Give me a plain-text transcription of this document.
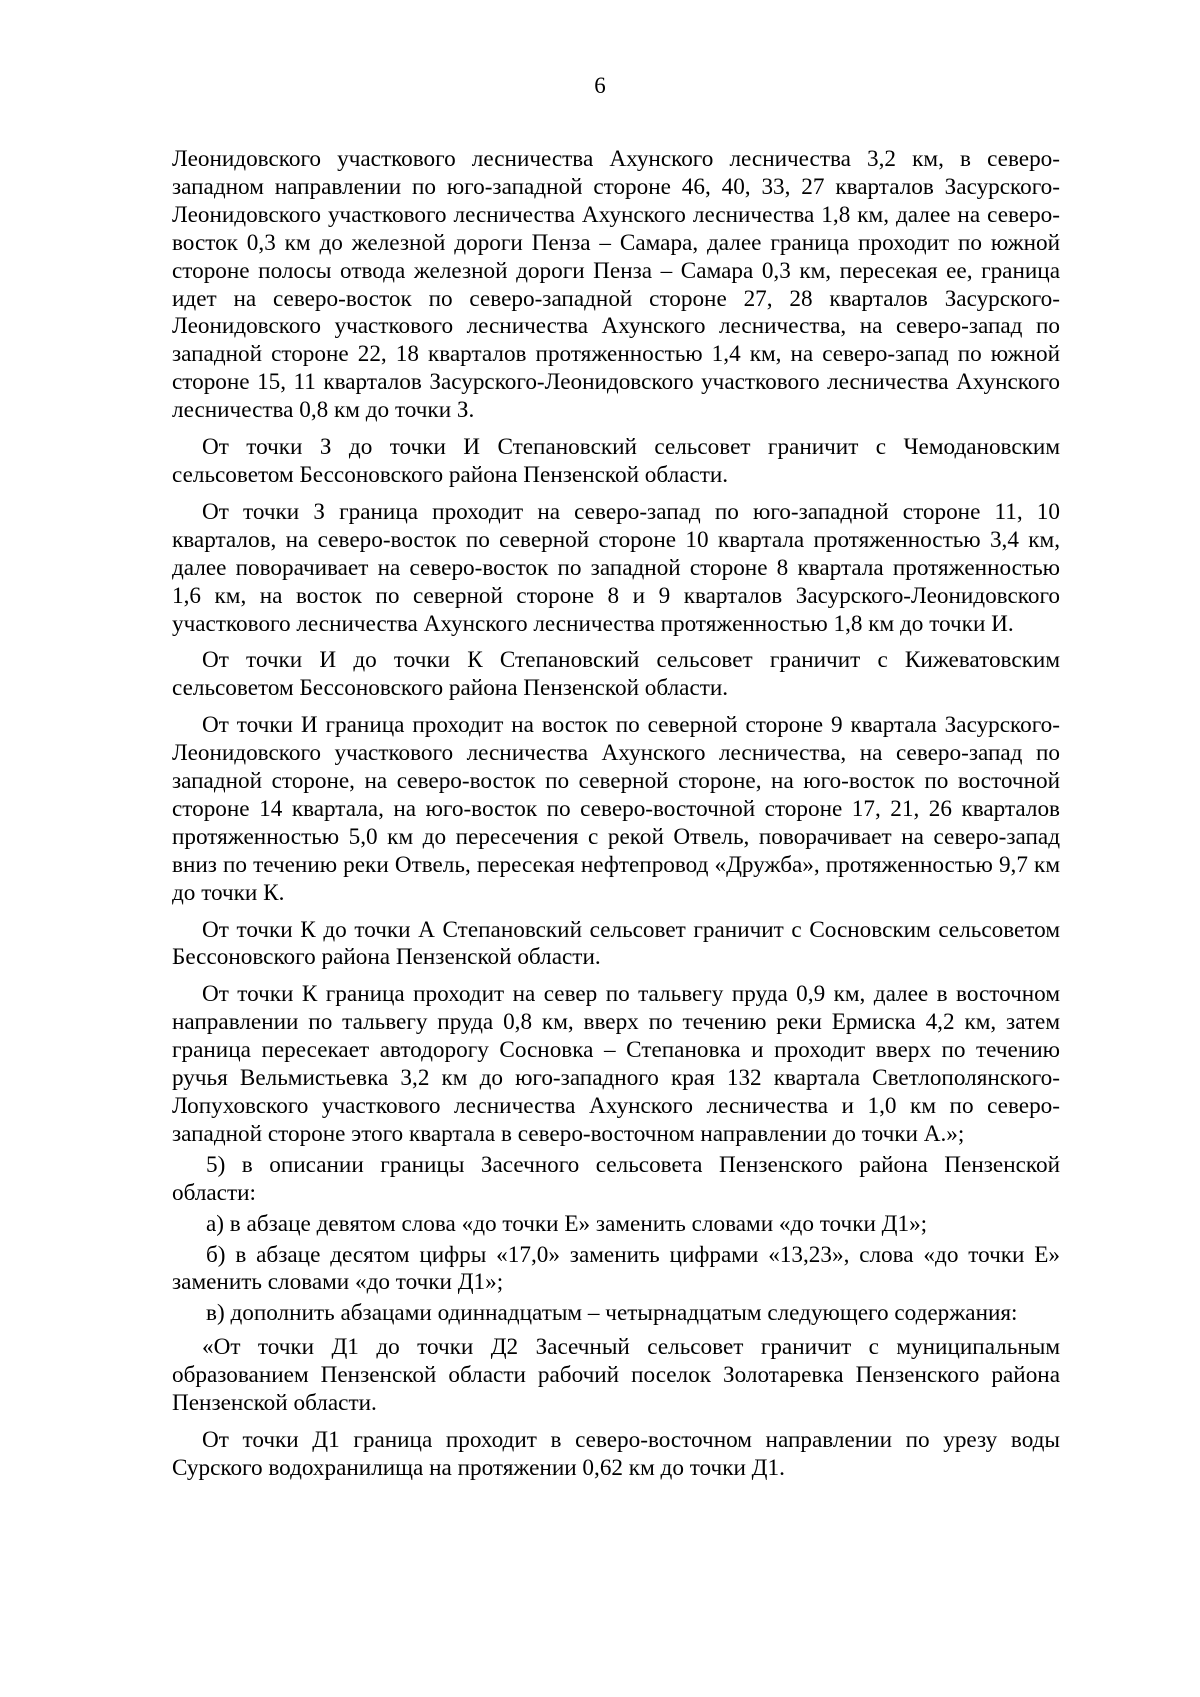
6

Леонидовского участкового лесничества Ахунского лесничества 3,2 км, в северо-западном направлении по юго-западной стороне 46, 40, 33, 27 кварталов Засурского-Леонидовского участкового лесничества Ахунского лесничества 1,8 км, далее на северо-восток 0,3 км до железной дороги Пенза – Самара, далее граница проходит по южной стороне полосы отвода железной дороги Пенза – Самара 0,3 км, пересекая ее, граница идет на северо-восток по северо-западной стороне 27, 28 кварталов Засурского-Леонидовского участкового лесничества Ахунского лесничества, на северо-запад по западной стороне 22, 18 кварталов протяженностью 1,4 км, на северо-запад по южной стороне 15, 11 кварталов Засурского-Леонидовского участкового лесничества Ахунского лесничества 0,8 км до точки З.

От точки З до точки И Степановский сельсовет граничит с Чемодановским сельсоветом Бессоновского района Пензенской области.

От точки З граница проходит на северо-запад по юго-западной стороне 11, 10 кварталов, на северо-восток по северной стороне 10 квартала протяженностью 3,4 км, далее поворачивает на северо-восток по западной стороне 8 квартала протяженностью 1,6 км, на восток по северной стороне 8 и 9 кварталов Засурского-Леонидовского участкового лесничества Ахунского лесничества протяженностью 1,8 км до точки И.

От точки И до точки К Степановский сельсовет граничит с Кижеватовским сельсоветом Бессоновского района Пензенской области.

От точки И граница проходит на восток по северной стороне 9 квартала Засурского-Леонидовского участкового лесничества Ахунского лесничества, на северо-запад по западной стороне, на северо-восток по северной стороне, на юго-восток по восточной стороне 14 квартала, на юго-восток по северо-восточной стороне 17, 21, 26 кварталов протяженностью 5,0 км до пересечения с рекой Отвель, поворачивает на северо-запад вниз по течению реки Отвель, пересекая нефтепровод «Дружба», протяженностью 9,7 км до точки К.

От точки К до точки А Степановский сельсовет граничит с Сосновским сельсоветом Бессоновского района Пензенской области.

От точки К граница проходит на север по тальвегу пруда 0,9 км, далее в восточном направлении по тальвегу пруда 0,8 км, вверх по течению реки Ермиска 4,2 км, затем граница пересекает автодорогу Сосновка – Степановка и проходит вверх по течению ручья Вельмистьевка 3,2 км до юго-западного края 132 квартала Светлополянского-Лопуховского участкового лесничества Ахунского лесничества и 1,0 км по северо-западной стороне этого квартала в северо-восточном направлении до точки А.»;

5) в описании границы Засечного сельсовета Пензенского района Пензенской области:

а) в абзаце девятом слова «до точки Е» заменить словами «до точки Д1»;

б) в абзаце десятом цифры «17,0» заменить цифрами «13,23», слова «до точки Е» заменить словами «до точки Д1»;

в) дополнить абзацами одиннадцатым – четырнадцатым следующего содержания:

«От точки Д1 до точки Д2 Засечный сельсовет граничит с муниципальным образованием Пензенской области рабочий поселок Золотаревка Пензенского района Пензенской области.

От точки Д1 граница проходит в северо-восточном направлении по урезу воды Сурского водохранилища на протяжении 0,62 км до точки Д1.
